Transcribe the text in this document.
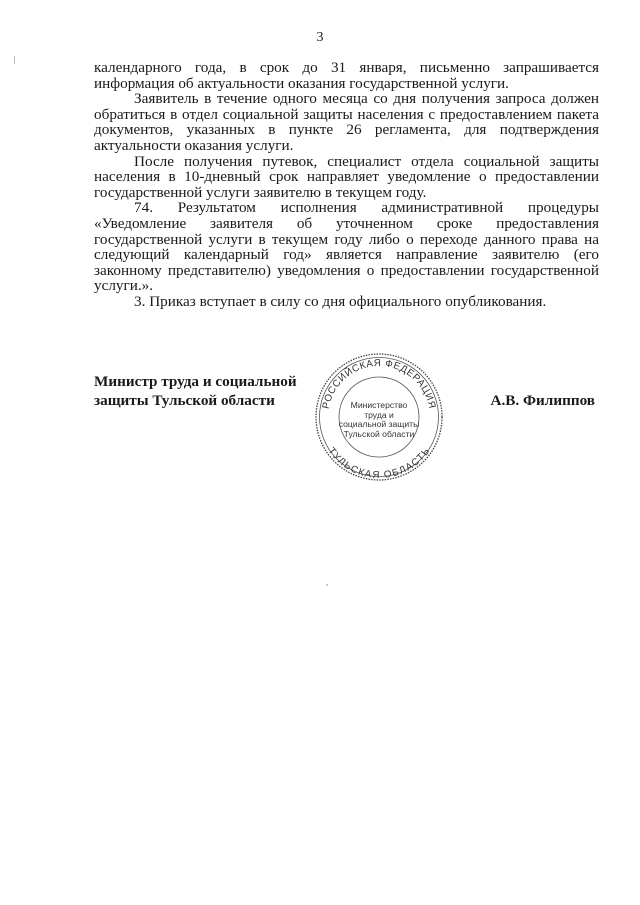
3

календарного года, в срок до 31 января, письменно запрашивается информация об актуальности оказания государственной услуги.

Заявитель в течение одного месяца со дня получения запроса должен обратиться в отдел социальной защиты населения с предоставлением пакета документов, указанных в пункте 26 регламента, для подтверждения актуальности оказания услуги.

После получения путевок, специалист отдела социальной защиты населения в 10-дневный срок направляет уведомление о предоставлении государственной услуги заявителю в текущем году.

74. Результатом исполнения административной процедуры «Уведомление заявителя об уточненном сроке предоставления государственной услуги в текущем году либо о переходе данного права на следующий календарный год» является направление заявителю (его законному представителю) уведомления о предоставлении государственной услуги.».

3. Приказ вступает в силу со дня официального опубликования.

Министр труда и социальной
защиты Тульской области	РОССИЙСКАЯ ФЕДЕРАЦИЯ
ТУЛЬСКАЯ ОБЛАСТЬ
Министерство
труда и
социальной защиты
Тульской области
А.В. Филиппов
